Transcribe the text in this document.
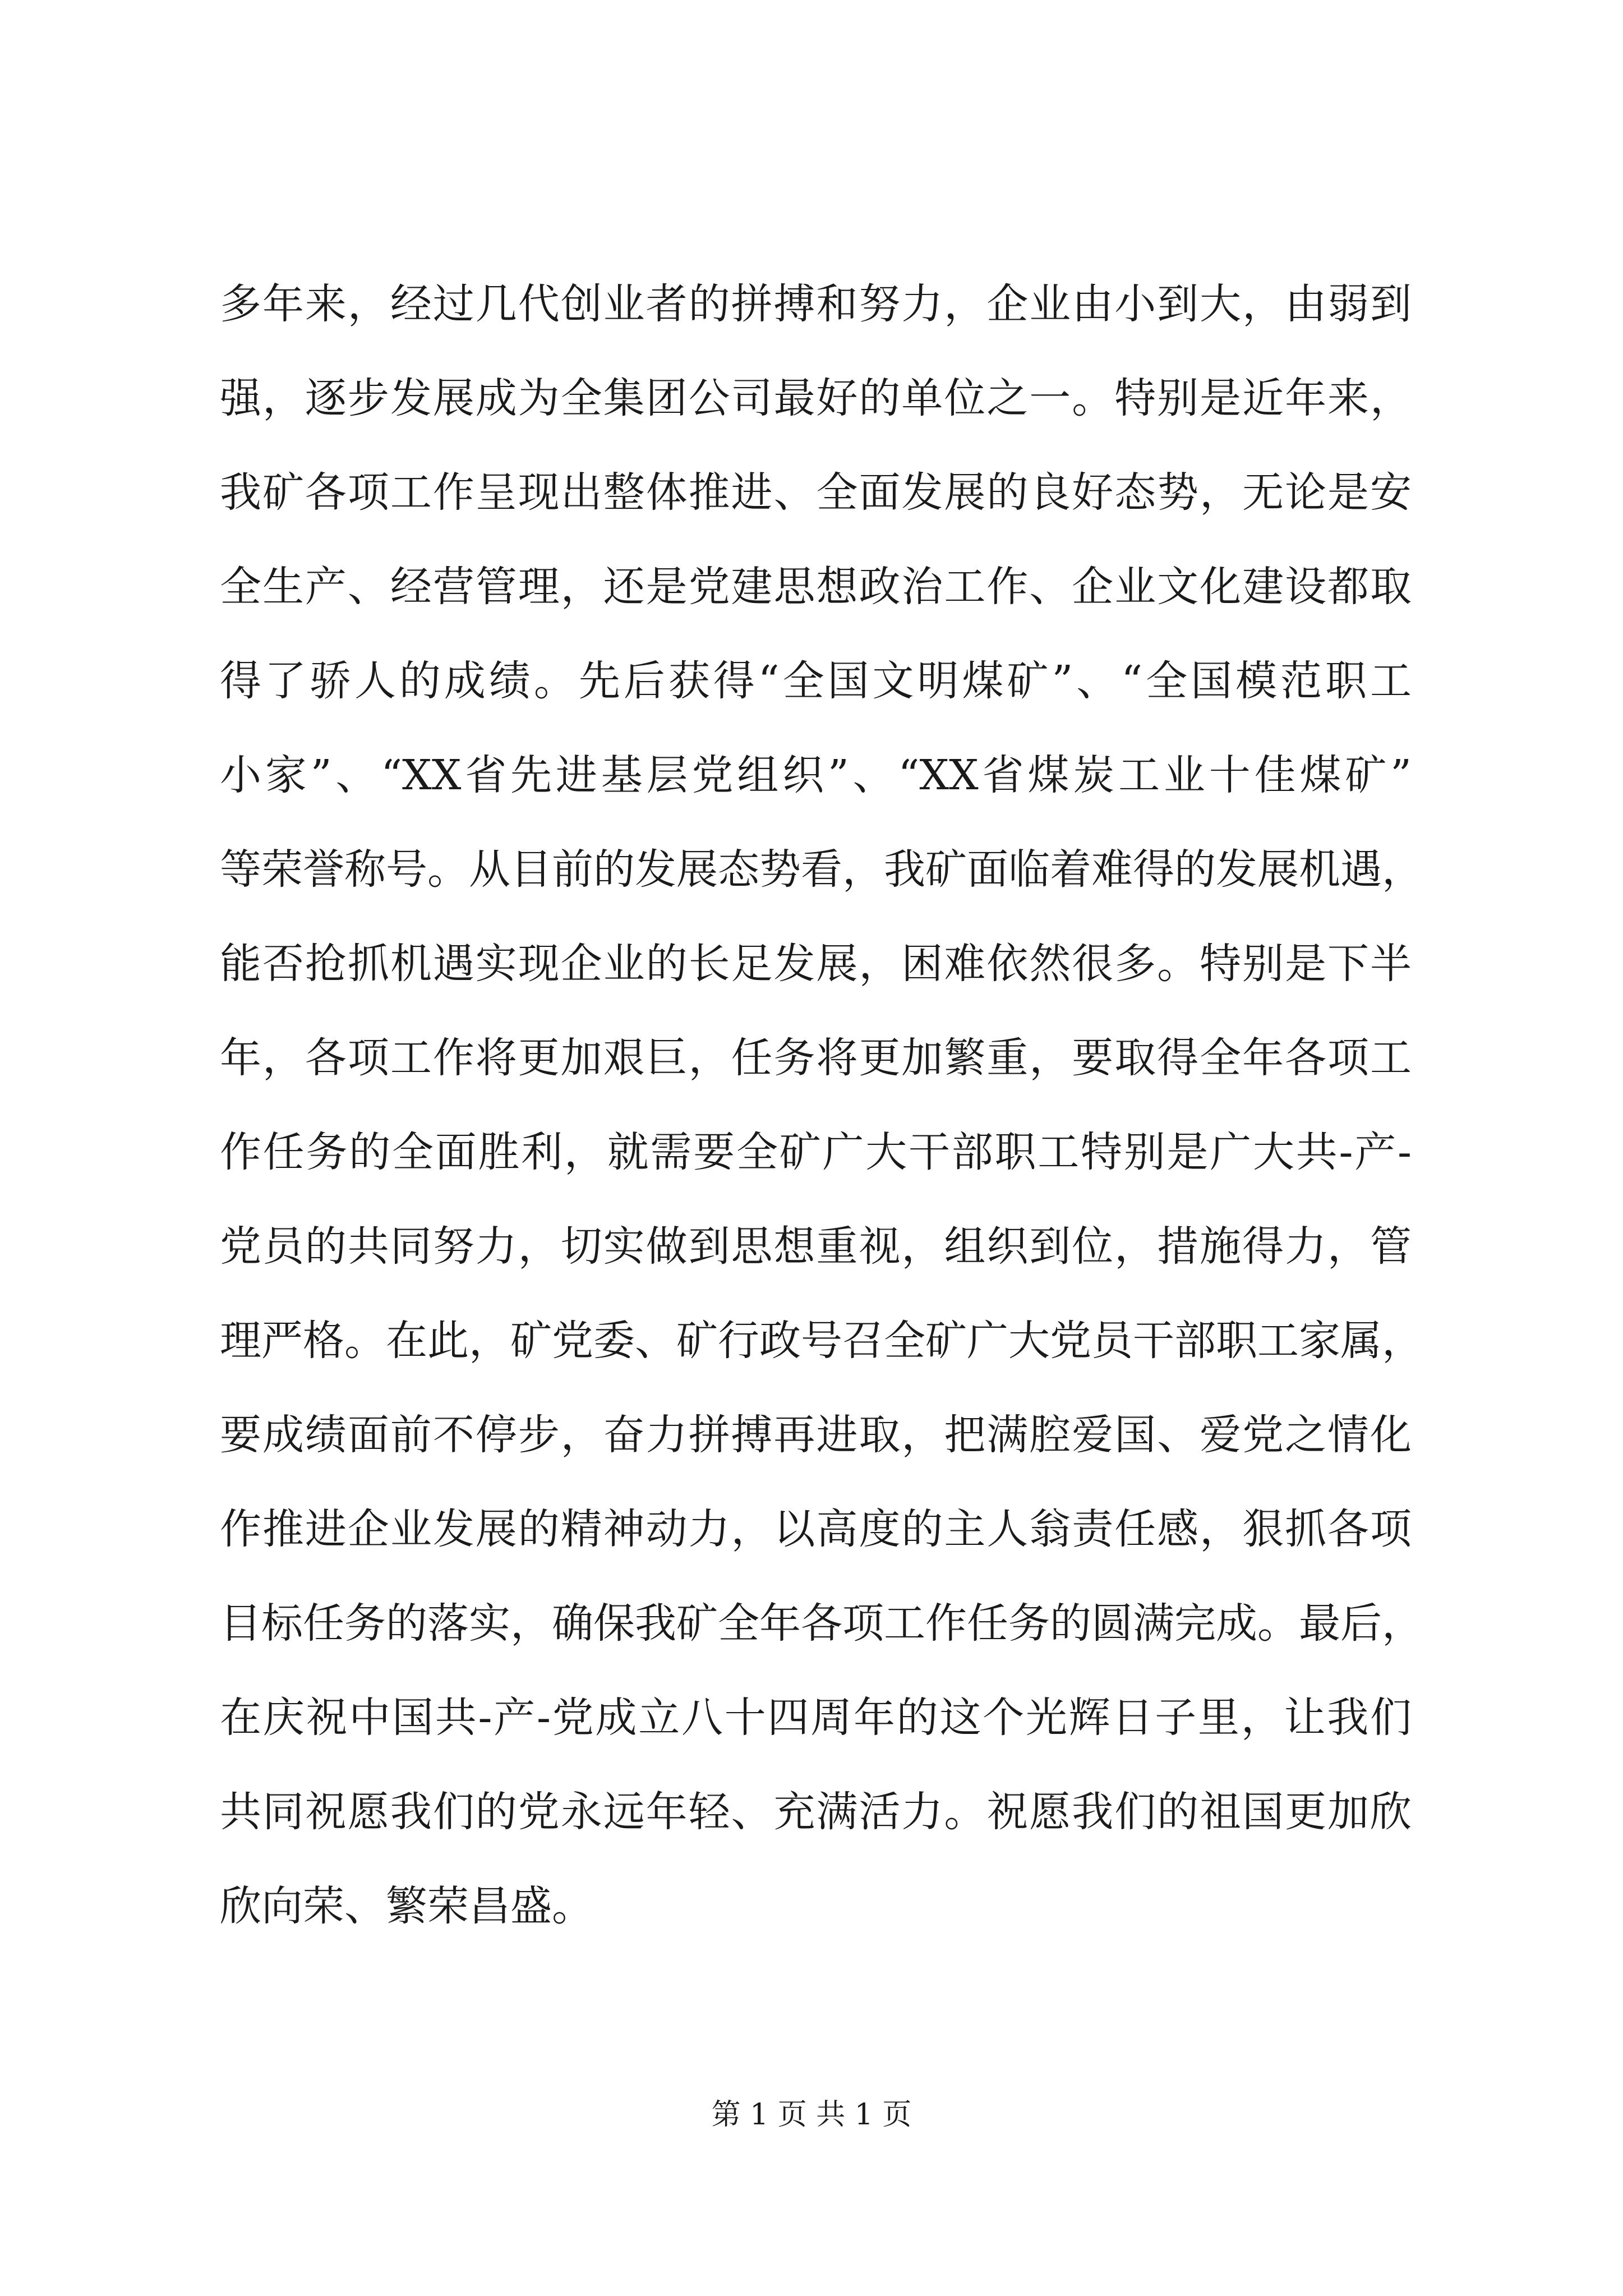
多年来，经过几代创业者的拼搏和努力，企业由小到大，由弱到
强，逐步发展成为全集团公司最好的单位之一。特别是近年来，
我矿各项工作呈现出整体推进、全面发展的良好态势，无论是安
全生产、经营管理，还是党建思想政治工作、企业文化建设都取
得了骄人的成绩。先后获得“全国文明煤矿”、“全国模范职工
小家”、“XX省先进基层党组织”、“XX省煤炭工业十佳煤矿”
等荣誉称号。从目前的发展态势看，我矿面临着难得的发展机遇，
能否抢抓机遇实现企业的长足发展，困难依然很多。特别是下半
年，各项工作将更加艰巨，任务将更加繁重，要取得全年各项工
作任务的全面胜利，就需要全矿广大干部职工特别是广大共-产-
党员的共同努力，切实做到思想重视，组织到位，措施得力，管
理严格。在此，矿党委、矿行政号召全矿广大党员干部职工家属，
要成绩面前不停步，奋力拼搏再进取，把满腔爱国、爱党之情化
作推进企业发展的精神动力，以高度的主人翁责任感，狠抓各项
目标任务的落实，确保我矿全年各项工作任务的圆满完成。最后，
在庆祝中国共-产-党成立八十四周年的这个光辉日子里，让我们
共同祝愿我们的党永远年轻、充满活力。祝愿我们的祖国更加欣
欣向荣、繁荣昌盛。
第 1 页 共 1 页
